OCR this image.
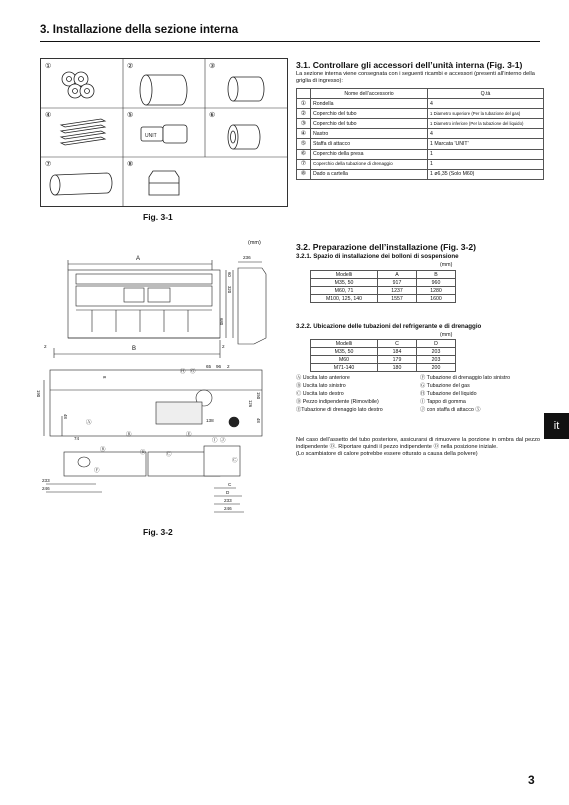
3. Installazione della sezione interna
UNIT
①	②	③
④	⑤	⑥
⑦	⑧
Fig. 3-1
3.1. Controllare gli accessori dell’unità interna (Fig. 3-1)
La sezione interna viene consegnata con i seguenti ricambi e accessori (presenti all’interno della griglia di ingresso):
	Nome dell’accessorio	Q.tà
①	Rondella	4
②	Coperchio del tubo	1 Diametro superiore (Per la tubazione del gas)
③	Coperchio del tubo	1 Diametro inferiore (Per la tubazione del liquido)
④	Nastro	4
⑤	Staffa di attacco	1 Marcata 'UNIT'
⑥	Coperchio della presa	1
⑦	Coperchio della tubazione di drenaggio	1
⑧	Dado a cartella	1 ø6,35 (Solo M60)
3.2. Preparazione dell’installazione (Fig. 3-2)
3.2.1. Spazio di installazione dei bolloni di sospensione
(mm)
Modelli	A	B
M35, 50	917	960
M60, 71	1237	1280
M100, 125, 140	1557	1600
3.2.2. Ubicazione delle tubazioni del refrigerante e di drenaggio
(mm)
Modelli	C	D
M35, 50	184	203
M60	179	203
M71-140	180	200
Ⓐ Uscita lato anteriore
Ⓑ Uscita lato sinistro
Ⓒ Uscita lato destro
Ⓓ Pezzo indipendente (Rimovibile)
ⒺTubazione di drenaggio lato destro
Ⓕ Tubazione di drenaggio lato sinistro
Ⓖ Tubazione del gas
Ⓗ Tubazione del liquido
Ⓘ Tappo di gomma
Ⓙ con staffa di attacco ⑤
Nel caso dell’assetto del tubo posteriore, assicurarsi di rimuovere la porzione in ombra dal pezzo indipendente Ⓓ. Riportare quindi il pezzo indipendente Ⓓ nella posizione iniziale.
(Lo scambiatore di calore potrebbe essere otturato a causa della polvere)
(mm)
A
B
236
2	2
320
60
680
8
190
65 96 2
138
48
74
126
150
48
233
246
233
246
C
D
Ⓐ
Ⓔ
Ⓖ
Ⓗ
Ⓘ Ⓙ
Ⓑ
Ⓕ
Ⓓ	Ⓒ
Ⓑ
Ⓒ
Fig. 3-2
it
3
